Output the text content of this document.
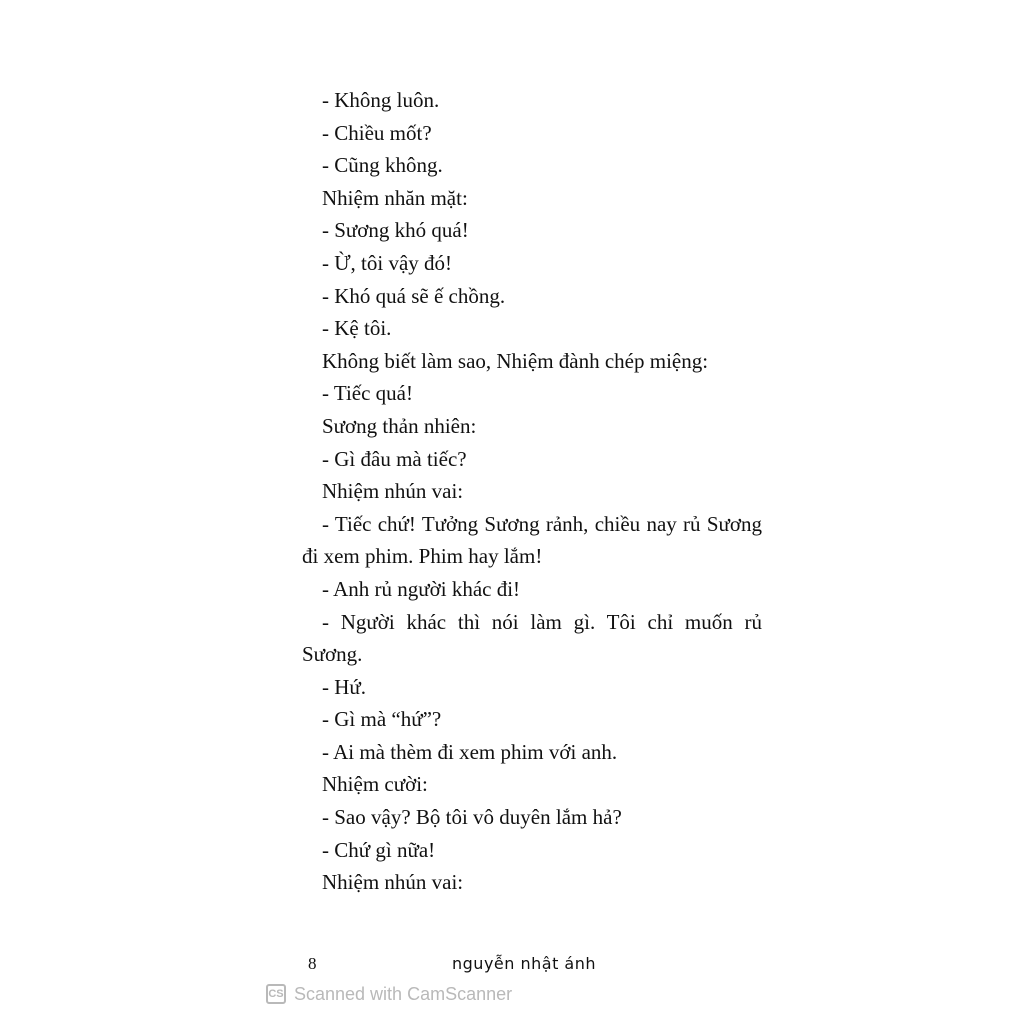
- Không luôn.
- Chiều mốt?
- Cũng không.
Nhiệm nhăn mặt:
- Sương khó quá!
- Ừ, tôi vậy đó!
- Khó quá sẽ ế chồng.
- Kệ tôi.
Không biết làm sao, Nhiệm đành chép miệng:
- Tiếc quá!
Sương thản nhiên:
- Gì đâu mà tiếc?
Nhiệm nhún vai:
- Tiếc chứ! Tưởng Sương rảnh, chiều nay rủ Sương
đi xem phim. Phim hay lắm!
- Anh rủ người khác đi!
- Người khác thì nói làm gì. Tôi chỉ muốn rủ
Sương.
- Hứ.
- Gì mà “hứ”?
- Ai mà thèm đi xem phim với anh.
Nhiệm cười:
- Sao vậy? Bộ tôi vô duyên lắm hả?
- Chứ gì nữa!
Nhiệm nhún vai:
8	nguyễn nhật ánh
CS Scanned with CamScanner
